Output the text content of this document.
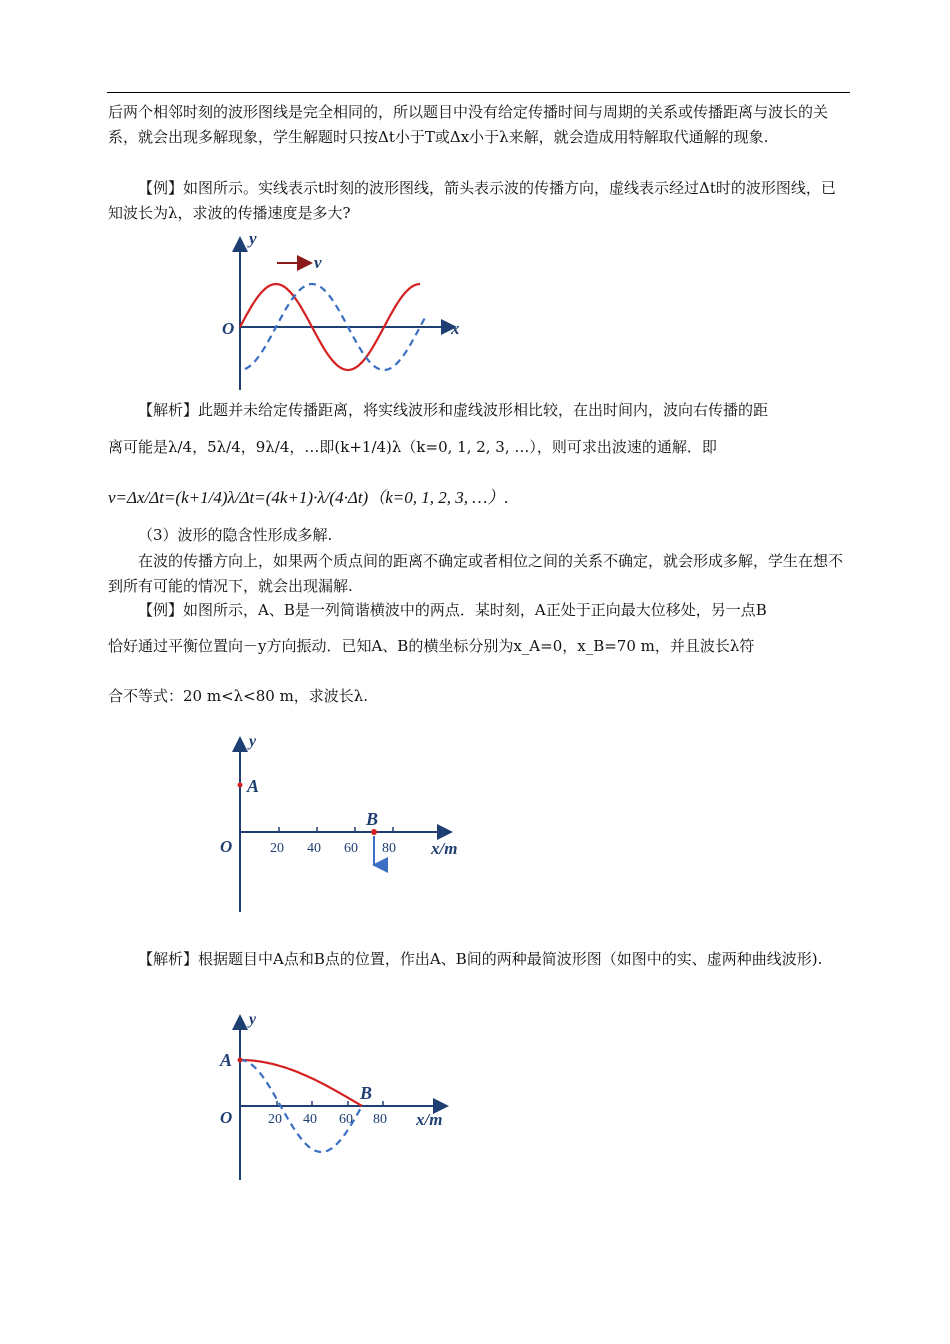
后两个相邻时刻的波形图线是完全相同的，所以题目中没有给定传播时间与周期的关系或传播距离与波长的关系，就会出现多解现象，学生解题时只按Δt小于T或Δx小于λ来解，就会造成用特解取代通解的现象.
【例】如图所示。实线表示t时刻的波形图线，箭头表示波的传播方向，虚线表示经过Δt时的波形图线，已知波长为λ，求波的传播速度是多大?
v
y
x
O
【解析】此题并未给定传播距离，将实线波形和虚线波形相比较，在出时间内，波向右传播的距
离可能是λ/4，5λ/4，9λ/4，…即(k+1/4)λ（k=0, 1, 2, 3, …），则可求出波速的通解．即
v=Δx/Δt=(k+1/4)λ/Δt=(4k+1)·λ/(4·Δt)（k=0, 1, 2, 3, …）.
（3）波形的隐含性形成多解.
在波的传播方向上，如果两个质点间的距离不确定或者相位之间的关系不确定，就会形成多解，学生在想不到所有可能的情况下，就会出现漏解.
【例】如图所示，A、B是一列简谐横波中的两点．某时刻，A正处于正向最大位移处，另一点B
恰好通过平衡位置向－y方向振动．已知A、B的横坐标分别为x_A=0，x_B=70 m，并且波长λ符
合不等式：20 m<λ<80 m，求波长λ.
y
A
B
O	20 40 60 80 x/m
【解析】根据题目中A点和B点的位置，作出A、B间的两种最简波形图（如图中的实、虚两种曲线波形).
y
A
B
O	20 40 60 80 x/m
